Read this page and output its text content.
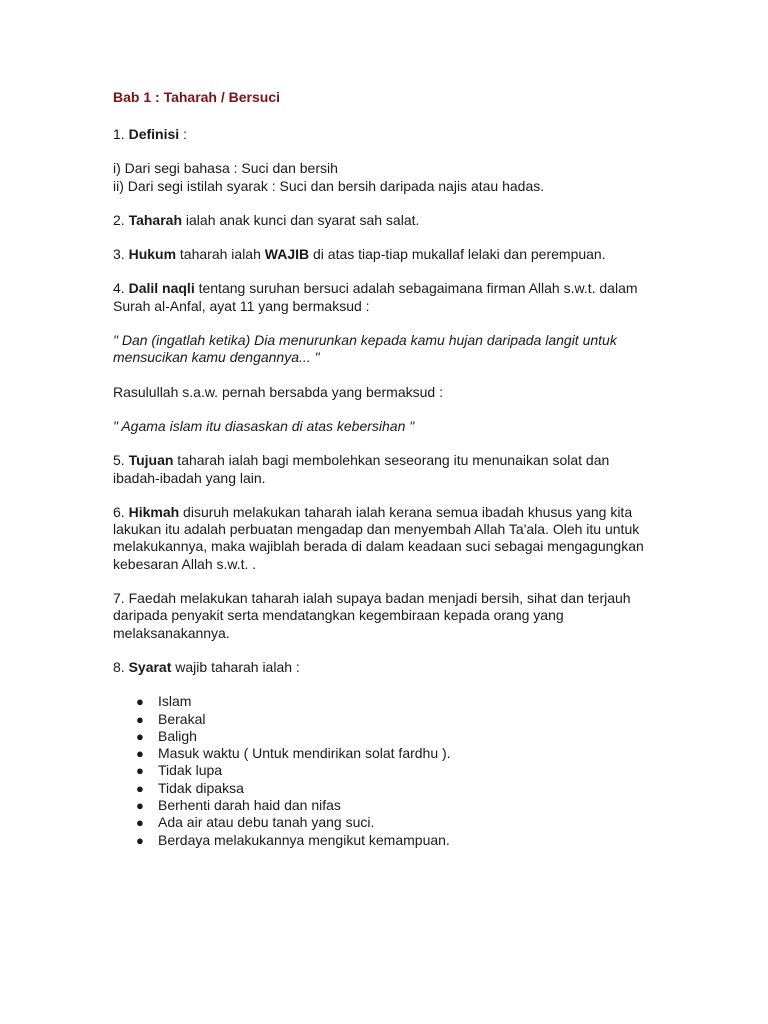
Bab 1 : Taharah / Bersuci

1. Definisi :

i) Dari segi bahasa : Suci dan bersih

ii) Dari segi istilah syarak : Suci dan bersih daripada najis atau hadas.

2. Taharah ialah anak kunci dan syarat sah salat.

3. Hukum taharah ialah WAJIB di atas tiap-tiap mukallaf lelaki dan perempuan.

4. Dalil naqli tentang suruhan bersuci adalah sebagaimana firman Allah s.w.t. dalam Surah al-Anfal, ayat 11 yang bermaksud :

" Dan (ingatlah ketika) Dia menurunkan kepada kamu hujan daripada langit untuk mensucikan kamu dengannya... "

Rasulullah s.a.w. pernah bersabda yang bermaksud :

" Agama islam itu diasaskan di atas kebersihan "

5. Tujuan taharah ialah bagi membolehkan seseorang itu menunaikan solat dan ibadah-ibadah yang lain.

6. Hikmah disuruh melakukan taharah ialah kerana semua ibadah khusus yang kita lakukan itu adalah perbuatan mengadap dan menyembah Allah Ta'ala. Oleh itu untuk melakukannya, maka wajiblah berada di dalam keadaan suci sebagai mengagungkan kebesaran Allah s.w.t. .

7. Faedah melakukan taharah ialah supaya badan menjadi bersih, sihat dan terjauh daripada penyakit serta mendatangkan kegembiraan kepada orang yang melaksanakannya.

8. Syarat wajib taharah ialah :

● Islam
● Berakal
● Baligh
● Masuk waktu ( Untuk mendirikan solat fardhu ).
● Tidak lupa
● Tidak dipaksa
● Berhenti darah haid dan nifas
● Ada air atau debu tanah yang suci.
● Berdaya melakukannya mengikut kemampuan.
